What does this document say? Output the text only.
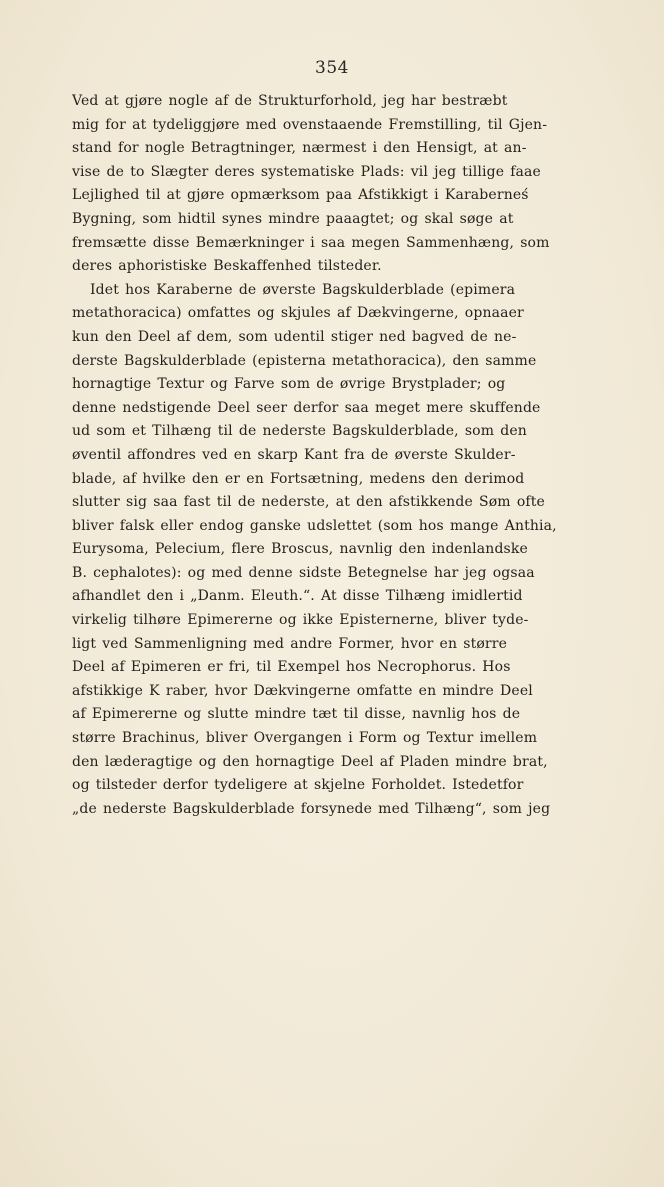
354
Ved at gjøre nogle af de Strukturforhold, jeg har bestræbt
mig for at tydeliggjøre med ovenstaaende Fremstilling, til Gjen-
stand for nogle Betragtninger, nærmest i den Hensigt, at an-
vise de to Slægter deres systematiske Plads: vil jeg tillige faae
Lejlighed til at gjøre opmærksom paa Afstikkigt i Karaberneś
Bygning, som hidtil synes mindre paaagtet; og skal søge at
fremsætte disse Bemærkninger i saa megen Sammenhæng, som
deres aphoristiske Beskaffenhed tilsteder.
Idet hos Karaberne de øverste Bagskulderblade (epimera
metathoracica) omfattes og skjules af Dækvingerne, opnaaer
kun den Deel af dem, som udentil stiger ned bagved de ne-
derste Bagskulderblade (episterna metathoracica), den samme
hornagtige Textur og Farve som de øvrige Brystplader; og
denne nedstigende Deel seer derfor saa meget mere skuffende
ud som et Tilhæng til de nederste Bagskulderblade, som den
øventil affondres ved en skarp Kant fra de øverste Skulder-
blade, af hvilke den er en Fortsætning, medens den derimod
slutter sig saa fast til de nederste, at den afstikkende Søm ofte
bliver falsk eller endog ganske udslettet (som hos mange Anthia,
Eurysoma, Pelecium, flere Broscus, navnlig den indenlandske
B. cephalotes): og med denne sidste Betegnelse har jeg ogsaa
afhandlet den i „Danm. Eleuth.“. At disse Tilhæng imidlertid
virkelig tilhøre Epimererne og ikke Episternerne, bliver tyde-
ligt ved Sammenligning med andre Former, hvor en større
Deel af Epimeren er fri, til Exempel hos Necrophorus. Hos
afstikkige K raber, hvor Dækvingerne omfatte en mindre Deel
af Epimererne og slutte mindre tæt til disse, navnlig hos de
større Brachinus, bliver Overgangen i Form og Textur imellem
den læderagtige og den hornagtige Deel af Pladen mindre brat,
og tilsteder derfor tydeligere at skjelne Forholdet. Istedetfor
„de nederste Bagskulderblade forsynede med Tilhæng“, som jeg
